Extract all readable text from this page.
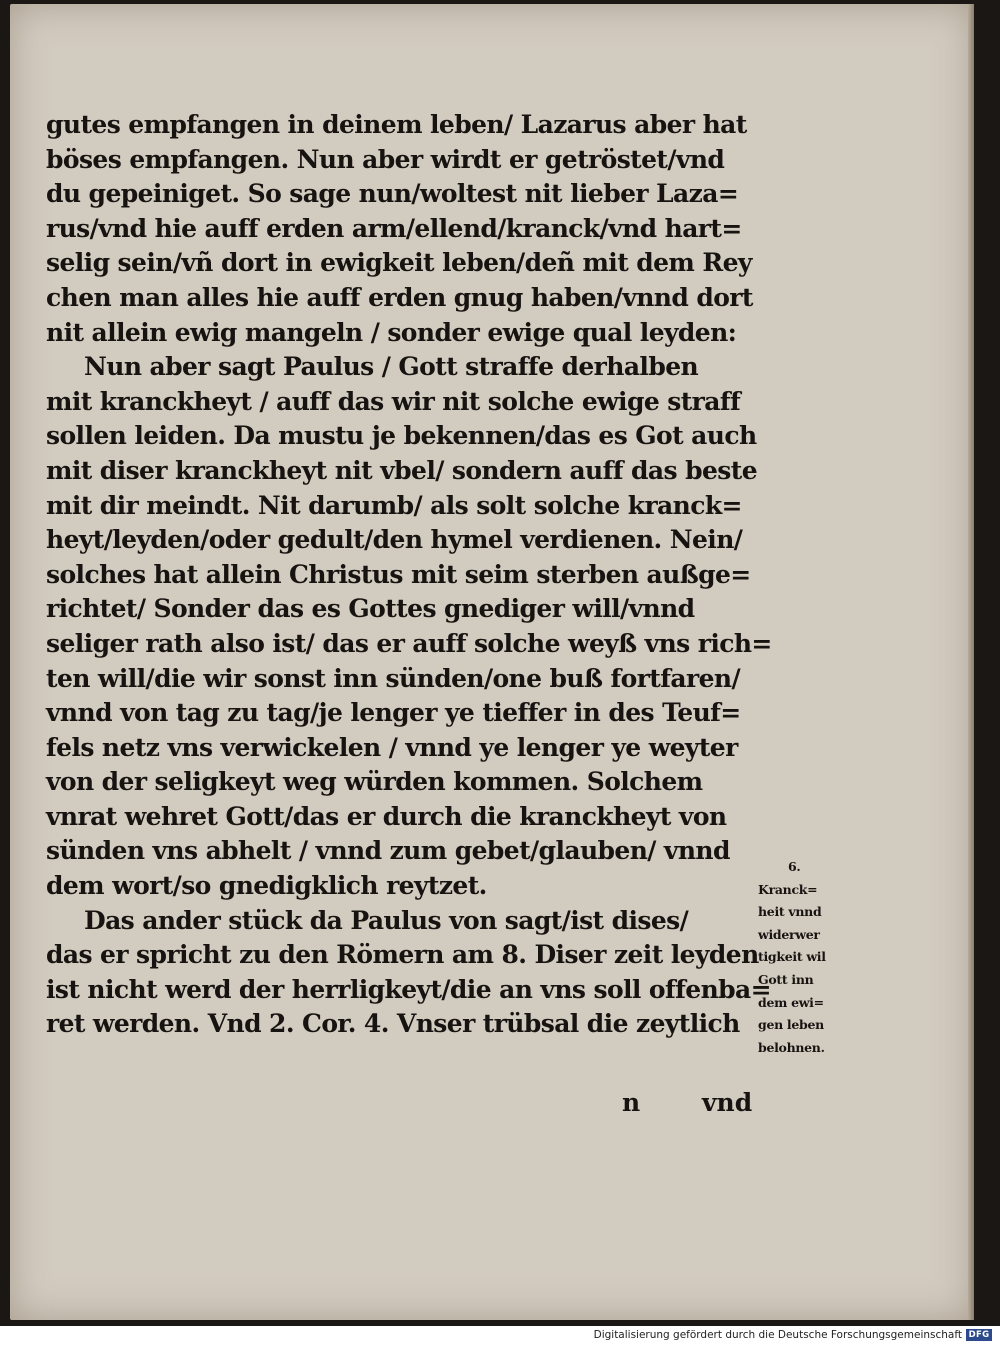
gutes empfangen in deinem leben/ Lazarus aber hat
böses empfangen. Nun aber wirdt er getröstet/vnd
du gepeiniget. So sage nun/woltest nit lieber Laza=
rus/vnd hie auff erden arm/ellend/kranck/vnd hart=
selig sein/vñ dort in ewigkeit leben/deñ mit dem Rey
chen man alles hie auff erden gnug haben/vnnd dort
nit allein ewig mangeln / sonder ewige qual leyden:
Nun aber sagt Paulus / Gott straffe derhalben
mit kranckheyt / auff das wir nit solche ewige straff
sollen leiden. Da mustu je bekennen/das es Got auch
mit diser kranckheyt nit vbel/ sondern auff das beste
mit dir meindt. Nit darumb/ als solt solche kranck=
heyt/leyden/oder gedult/den hymel verdienen. Nein/
solches hat allein Christus mit seim sterben außge=
richtet/ Sonder das es Gottes gnediger will/vnnd
seliger rath also ist/ das er auff solche weyß vns rich=
ten will/die wir sonst inn sünden/one buß fortfaren/
vnnd von tag zu tag/je lenger ye tieffer in des Teuf=
fels netz vns verwickelen / vnnd ye lenger ye weyter
von der seligkeyt weg würden kommen. Solchem
vnrat wehret Gott/das er durch die kranckheyt von
sünden vns abhelt / vnnd zum gebet/glauben/ vnnd
dem wort/so gnedigklich reytzet.
Das ander stück da Paulus von sagt/ist dises/
das er spricht zu den Römern am 8. Diser zeit leyden
ist nicht werd der herrligkeyt/die an vns soll offenba=
ret werden. Vnd 2. Cor. 4. Vnser trübsal die zeytlich
n vnd
6.
Kranck=
heit vnnd
widerwer
tigkeit wil
Gott inn
dem ewi=
gen leben
belohnen.
Digitalisierung gefördert durch die Deutsche Forschungsgemeinschaft DFG
